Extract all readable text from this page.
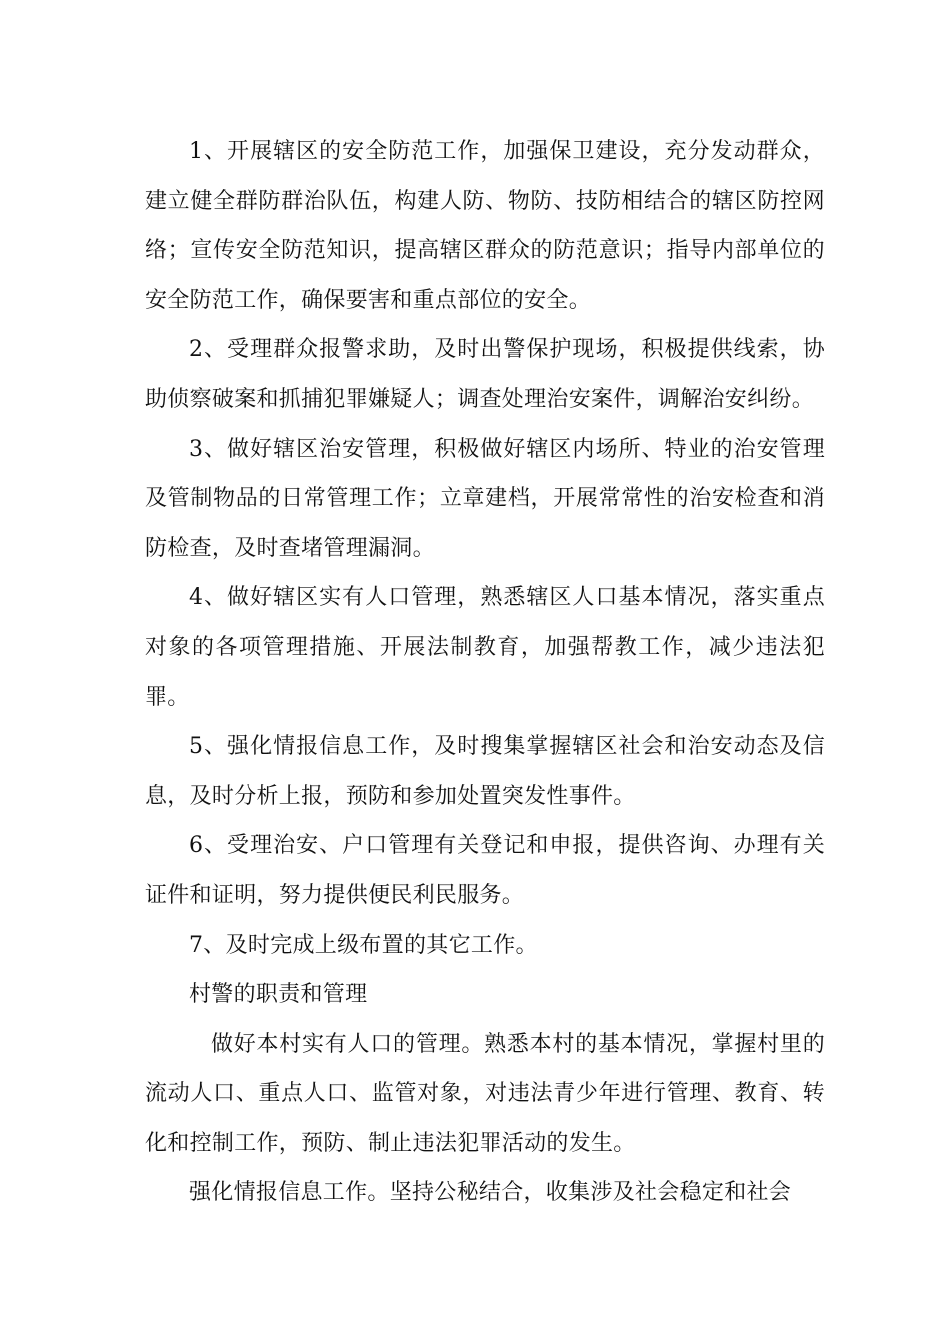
1、开展辖区的安全防范工作，加强保卫建设，充分发动群众，建立健全群防群治队伍，构建人防、物防、技防相结合的辖区防控网络；宣传安全防范知识，提高辖区群众的防范意识；指导内部单位的安全防范工作，确保要害和重点部位的安全。

2、受理群众报警求助，及时出警保护现场，积极提供线索，协助侦察破案和抓捕犯罪嫌疑人；调查处理治安案件，调解治安纠纷。

3、做好辖区治安管理，积极做好辖区内场所、特业的治安管理及管制物品的日常管理工作；立章建档，开展常常性的治安检查和消防检查，及时查堵管理漏洞。

4、做好辖区实有人口管理，熟悉辖区人口基本情况，落实重点对象的各项管理措施、开展法制教育，加强帮教工作，减少违法犯罪。

5、强化情报信息工作，及时搜集掌握辖区社会和治安动态及信息，及时分析上报，预防和参加处置突发性事件。

6、受理治安、户口管理有关登记和申报，提供咨询、办理有关证件和证明，努力提供便民利民服务。

7、及时完成上级布置的其它工作。

村警的职责和管理

做好本村实有人口的管理。熟悉本村的基本情况，掌握村里的流动人口、重点人口、监管对象，对违法青少年进行管理、教育、转化和控制工作，预防、制止违法犯罪活动的发生。

强化情报信息工作。坚持公秘结合，收集涉及社会稳定和社会
